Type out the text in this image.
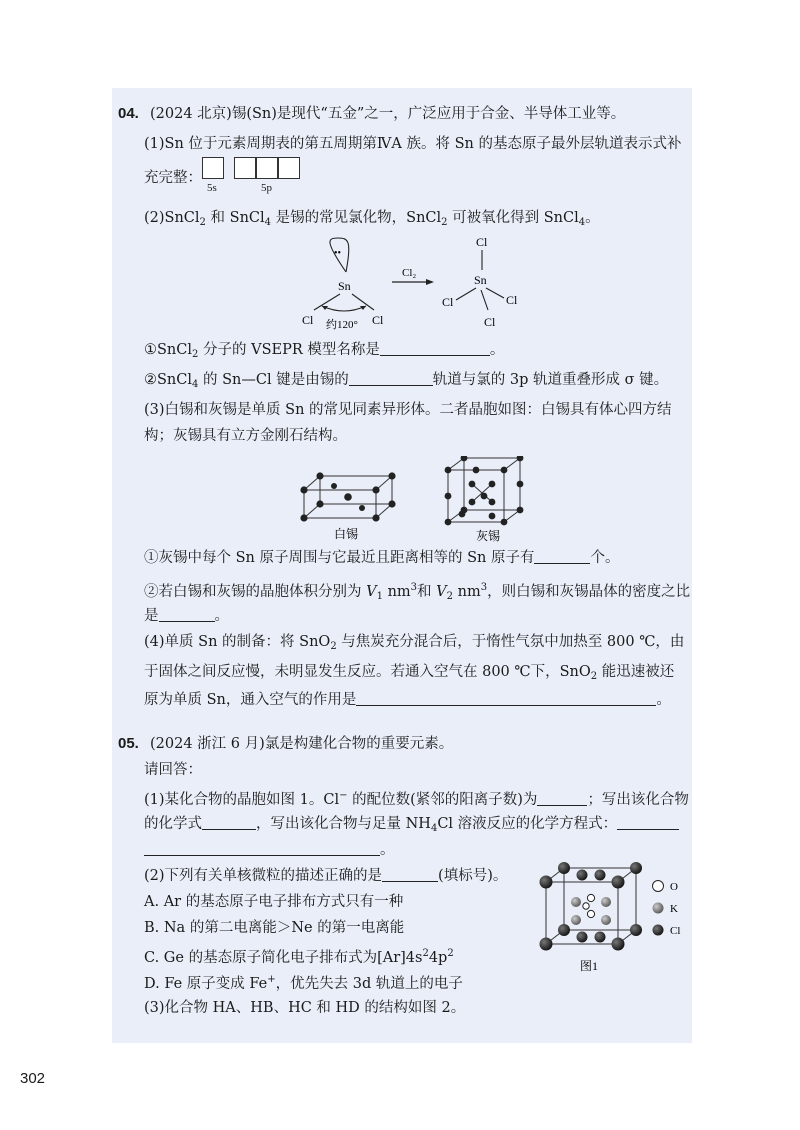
04. (2024 北京)锡(Sn)是现代“五金”之一，广泛应用于合金、半导体工业等。
(1)Sn 位于元素周期表的第五周期第ⅣA 族。将 Sn 的基态原子最外层轨道表示式补
充完整：
5s	5p
(2)SnCl$_2$ 和 SnCl$_4$ 是锡的常见氯化物，SnCl$_2$ 可被氧化得到 SnCl$_4$。
••
Sn
Cl	Cl
约120°
Cl₂
Cl
Sn
Cl	Cl
Cl
①SnCl$_2$ 分子的 VSEPR 模型名称是	。
②SnCl$_4$ 的 Sn—Cl 键是由锡的	轨道与氯的 3p 轨道重叠形成 σ 键。
(3)白锡和灰锡是单质 Sn 的常见同素异形体。二者晶胞如图：白锡具有体心四方结
构；灰锡具有立方金刚石结构。
白锡	灰锡
①灰锡中每个 Sn 原子周围与它最近且距离相等的 Sn 原子有	个。
②若白锡和灰锡的晶胞体积分别为 $V_1$ $nm^3$和 $V_2$ $nm^3$，则白锡和灰锡晶体的密度之比
是	。
(4)单质 Sn 的制备：将 SnO$_2$ 与焦炭充分混合后，于惰性气氛中加热至 800 ℃，由
于固体之间反应慢，未明显发生反应。若通入空气在 800 ℃下，SnO$_2$ 能迅速被还
原为单质 Sn，通入空气的作用是	。
05. (2024 浙江 6 月)氯是构建化合物的重要元素。
请回答：
(1)某化合物的晶胞如图 1。Cl− 的配位数(紧邻的阳离子数)为	；写出该化合物
的化学式	，写出该化合物与足量 $NH_4Cl$ 溶液反应的化学方程式：
。
(2)下列有关单核微粒的描述正确的是	(填标号)。
A. Ar 的基态原子电子排布方式只有一种
B. Na 的第二电离能＞Ne 的第一电离能
C. Ge 的基态原子简化电子排布式为$[Ar]4s^24p^2$
D. Fe 原子变成 Fe+，优先失去 3d 轨道上的电子
(3)化合物 HA、HB、HC 和 HD 的结构如图 2。
图1
O
K
Cl
302
